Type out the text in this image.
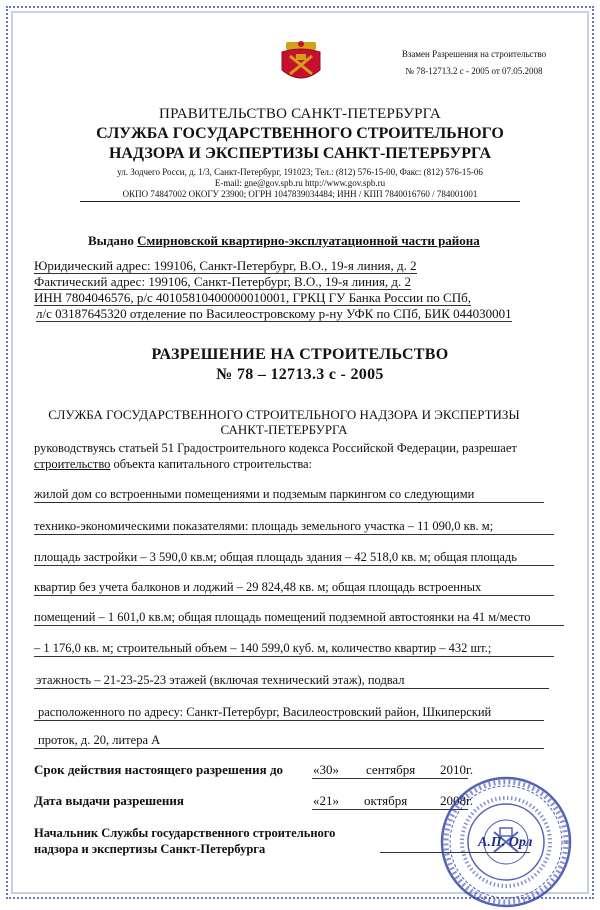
Взамен Разрешения на строительство
№ 78-12713.2 с - 2005 от 07.05.2008
ПРАВИТЕЛЬСТВО САНКТ-ПЕТЕРБУРГА
СЛУЖБА ГОСУДАРСТВЕННОГО СТРОИТЕЛЬНОГО
НАДЗОРА И ЭКСПЕРТИЗЫ САНКТ-ПЕТЕРБУРГА
ул. Зодчего Росси, д. 1/3, Санкт-Петербург, 191023; Тел.: (812) 576-15-00, Факс: (812) 576-15-06
E-mail: gne@gov.spb.ru http://www.gov.spb.ru
ОКПО 74847002 ОКОГУ 23900; ОГРН 1047839034484; ИНН / КПП 7840016760 / 784001001
Выдано Смирновской квартирно-эксплуатационной части района
Юридический адрес: 199106, Санкт-Петербург, В.О., 19-я линия, д. 2
Фактический адрес: 199106, Санкт-Петербург, В.О., 19-я линия, д. 2
ИНН 7804046576, р/с 40105810400000010001, ГРКЦ ГУ Банка России по СПб,
л/с 03187645320 отделение по Василеостровскому р-ну УФК по СПб, БИК 044030001
РАЗРЕШЕНИЕ НА СТРОИТЕЛЬСТВО
№ 78 – 12713.3 с - 2005
СЛУЖБА ГОСУДАРСТВЕННОГО СТРОИТЕЛЬНОГО НАДЗОРА И ЭКСПЕРТИЗЫ
САНКТ-ПЕТЕРБУРГА
руководствуясь статьей 51 Градостроительного кодекса Российской Федерации, разрешает
строительство объекта капитального строительства:
жилой дом со встроенными помещениями и подземым паркингом со следующими
технико-экономическими показателями: площадь земельного участка – 11 090,0 кв. м;
площадь застройки – 3 590,0 кв.м; общая площадь здания – 42 518,0 кв. м; общая площадь
квартир без учета балконов и лоджий – 29 824,48 кв. м; общая площадь встроенных
помещений – 1 601,0 кв.м; общая площадь помещений подземной автостоянки на 41 м/место
– 1 176,0 кв. м; строительный объем – 140 599,0 куб. м, количество квартир – 432 шт.;
этажность – 21-23-25-23 этажей (включая технический этаж), подвал
расположенного по адресу: Санкт-Петербург, Василеостровский район, Шкиперский
проток, д. 20, литера А
Срок действия настоящего разрешения до «30» сентября 2010г.
Дата выдачи разрешения	«21» октября	2008г.
Начальник Службы государственного строительного
надзора и экспертизы Санкт-Петербурга	А.П. Орл
